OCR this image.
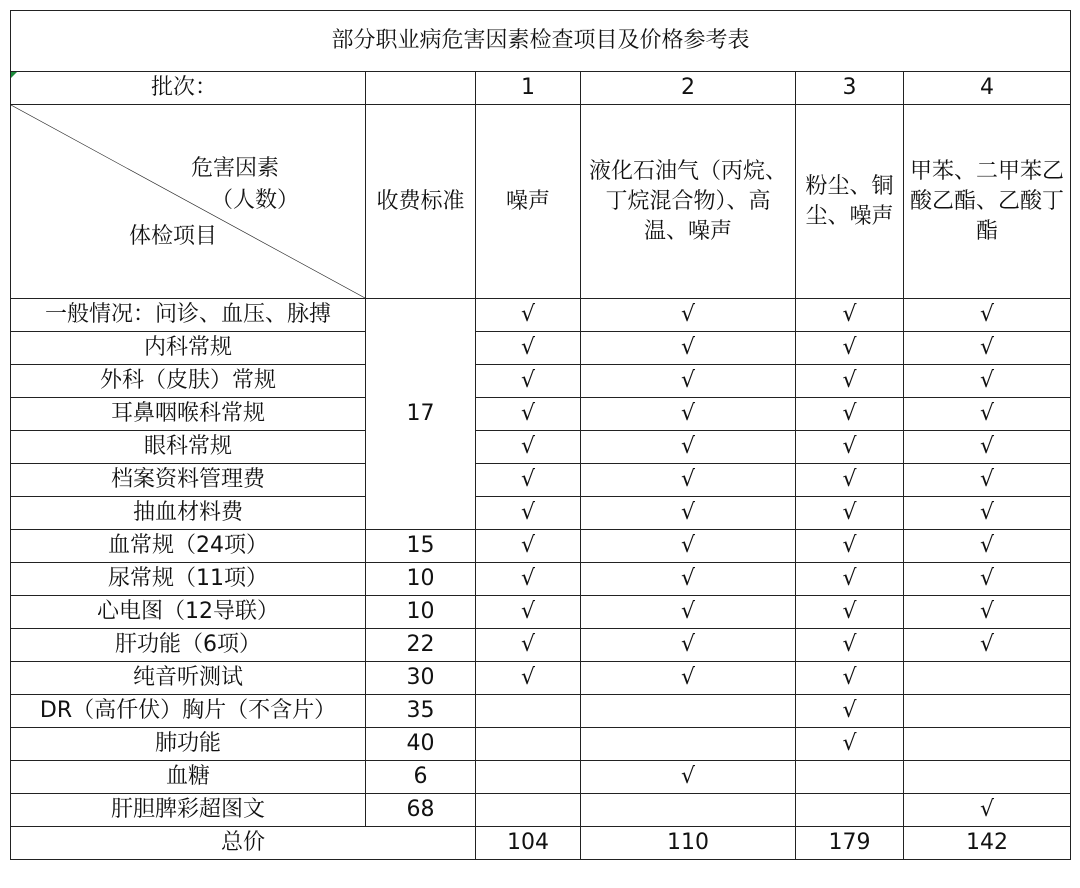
部分职业病危害因素检查项目及价格参考表					

批次：		1	2	3	4

危害因素
（人数）
体检项目	收费标准	噪声	液化石油气（丙烷、丁烷混合物）、高温、噪声	粉尘、铜尘、噪声	甲苯、二甲苯乙酸乙酯、乙酸丁酯
一般情况：问诊、血压、脉搏	17	√	√	√	√
内科常规		√	√	√	√
外科（皮肤）常规		√	√	√	√
耳鼻咽喉科常规		√	√	√	√
眼科常规		√	√	√	√
档案资料管理费		√	√	√	√
抽血材料费		√	√	√	√
血常规（24项）	15	√	√	√	√
尿常规（11项）	10	√	√	√	√
心电图（12导联）	10	√	√	√	√
肝功能（6项）	22	√	√	√	√
纯音听测试	30	√	√	√	
DR（高仟伏）胸片（不含片）	35			√	
肺功能	40			√	
血糖	6		√		
肝胆脾彩超图文	68				√
总价		104	110	179	142
